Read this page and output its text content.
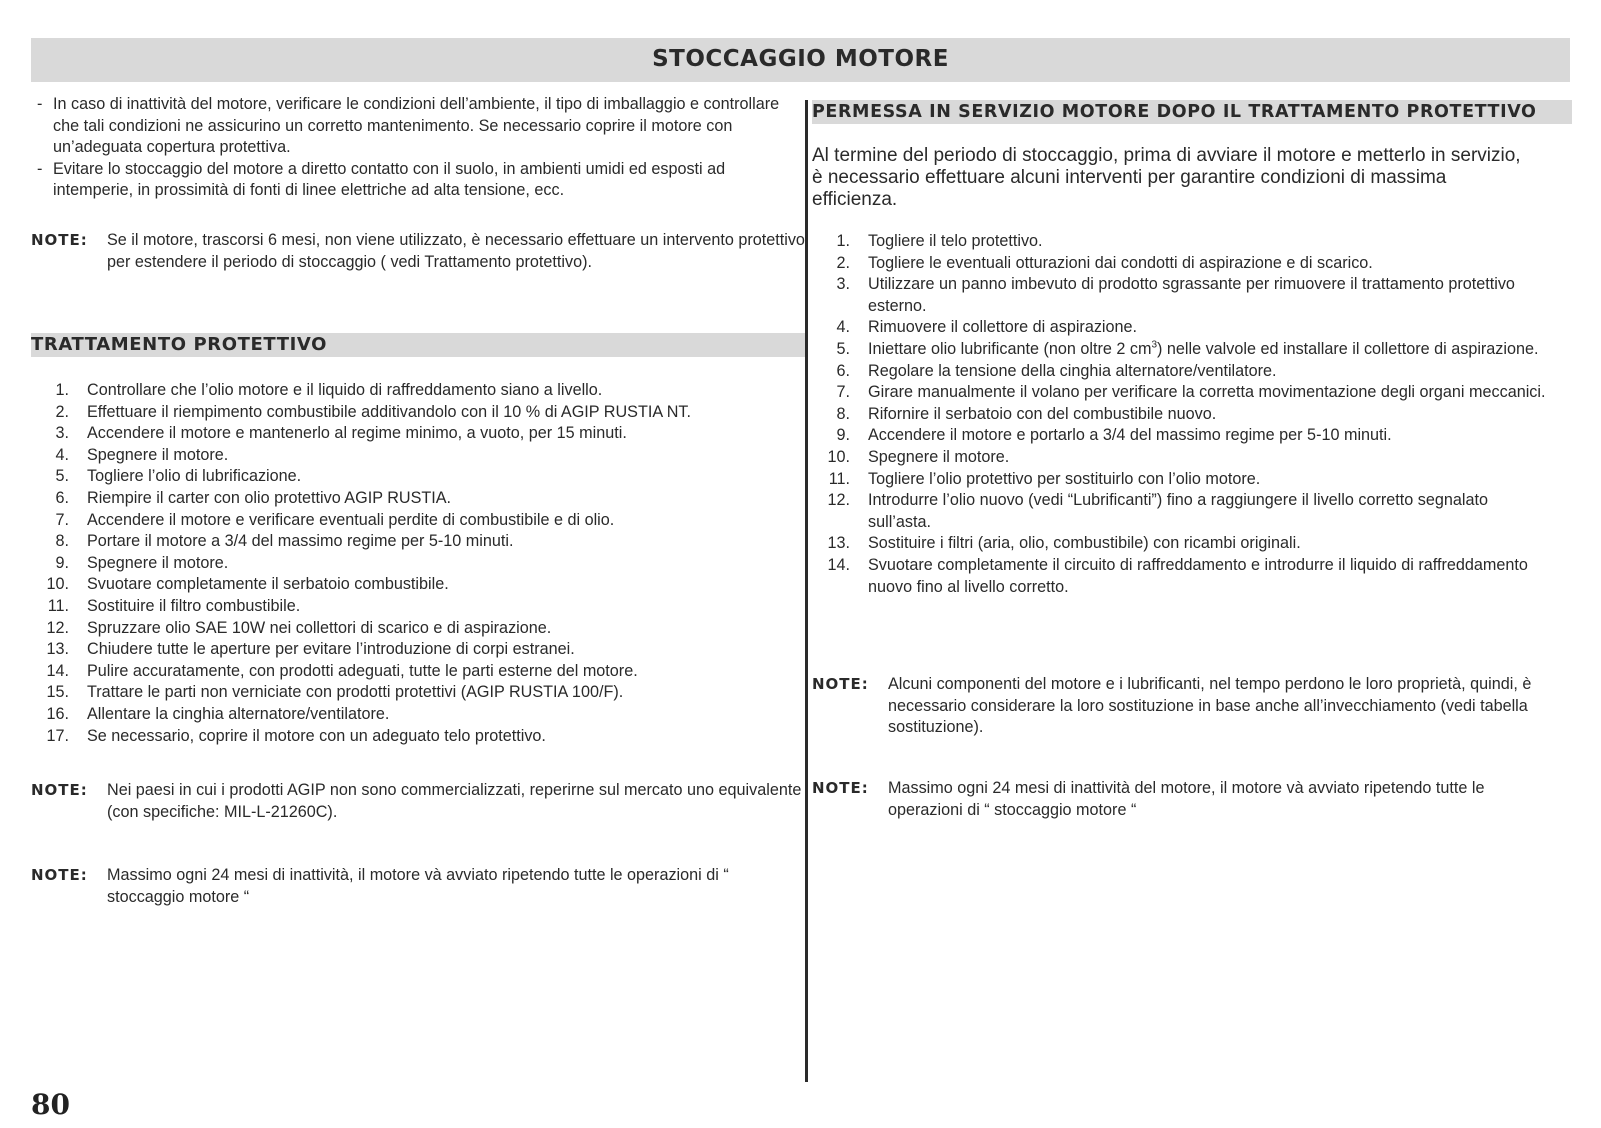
STOCCAGGIO MOTORE

- In caso di inattività del motore, verificare le condizioni dell’ambiente, il tipo di imballaggio e controllare che tali condizioni ne assicurino un corretto mantenimento. Se necessario coprire il motore con un’adeguata copertura protettiva.

- Evitare lo stoccaggio del motore a diretto contatto con il suolo, in ambienti umidi ed esposti ad intemperie, in prossimità di fonti di linee elettriche ad alta tensione, ecc.

NOTE: Se il motore, trascorsi 6 mesi, non viene utilizzato, è necessario effettuare un intervento protettivo per estendere il periodo di stoccaggio ( vedi Trattamento protettivo).
TRATTAMENTO PROTETTIVO
1. Controllare che l’olio motore e il liquido di raffreddamento siano a livello.
2. Effettuare il riempimento combustibile additivandolo con il 10 % di AGIP RUSTIA NT.
3. Accendere il motore e mantenerlo al regime minimo, a vuoto, per 15 minuti.
4. Spegnere il motore.
5. Togliere l’olio di lubrificazione.
6. Riempire il carter con olio protettivo AGIP RUSTIA.
7. Accendere il motore e verificare eventuali perdite di combustibile e di olio.
8. Portare il motore a 3/4 del massimo regime per 5-10 minuti.
9. Spegnere il motore.
10. Svuotare completamente il serbatoio combustibile.
11. Sostituire il filtro combustibile.
12. Spruzzare olio SAE 10W nei collettori di scarico e di aspirazione.
13. Chiudere tutte le aperture per evitare l’introduzione di corpi estranei.
14. Pulire accuratamente, con prodotti adeguati, tutte le parti esterne del motore.
15. Trattare le parti non verniciate con prodotti protettivi (AGIP RUSTIA 100/F).
16. Allentare la cinghia alternatore/ventilatore.
17. Se necessario, coprire il motore con un adeguato telo protettivo.
NOTE: Nei paesi in cui i prodotti AGIP non sono commercializzati, reperirne sul mercato uno equivalente (con specifiche: MIL-L-21260C).
NOTE: Massimo ogni 24 mesi di inattività, il motore và avviato ripetendo tutte le operazioni di “ stoccaggio motore “
PERMESSA IN SERVIZIO MOTORE DOPO IL TRATTAMENTO PROTETTIVO
Al termine del periodo di stoccaggio, prima di avviare il motore e metterlo in servizio, è necessario effettuare alcuni interventi per garantire condizioni di massima efficienza.
1. Togliere il telo protettivo.
2. Togliere le eventuali otturazioni dai condotti di aspirazione e di scarico.
3. Utilizzare un panno imbevuto di prodotto sgrassante per rimuovere il trattamento protettivo esterno.
4. Rimuovere il collettore di aspirazione.
5. Iniettare olio lubrificante (non oltre 2 $cm^3$) nelle valvole ed installare il collettore di aspirazione.
6. Regolare la tensione della cinghia alternatore/ventilatore.
7. Girare manualmente il volano per verificare la corretta movimentazione degli organi meccanici.
8. Rifornire il serbatoio con del combustibile nuovo.
9. Accendere il motore e portarlo a 3/4 del massimo regime per 5-10 minuti.
10. Spegnere il motore.
11. Togliere l’olio protettivo per sostituirlo con l’olio motore.
12. Introdurre l’olio nuovo (vedi “Lubrificanti”) fino a raggiungere il livello corretto segnalato sull’asta.
13. Sostituire i filtri (aria, olio, combustibile) con ricambi originali.
14. Svuotare completamente il circuito di raffreddamento e introdurre il liquido di raffreddamento nuovo fino al livello corretto.
NOTE: Alcuni componenti del motore e i lubrificanti, nel tempo perdono le loro proprietà, quindi, è necessario considerare la loro sostituzione in base anche all’invecchiamento (vedi tabella sostituzione).
NOTE: Massimo ogni 24 mesi di inattività del motore, il motore và avviato ripetendo tutte le operazioni di “ stoccaggio motore “
80
